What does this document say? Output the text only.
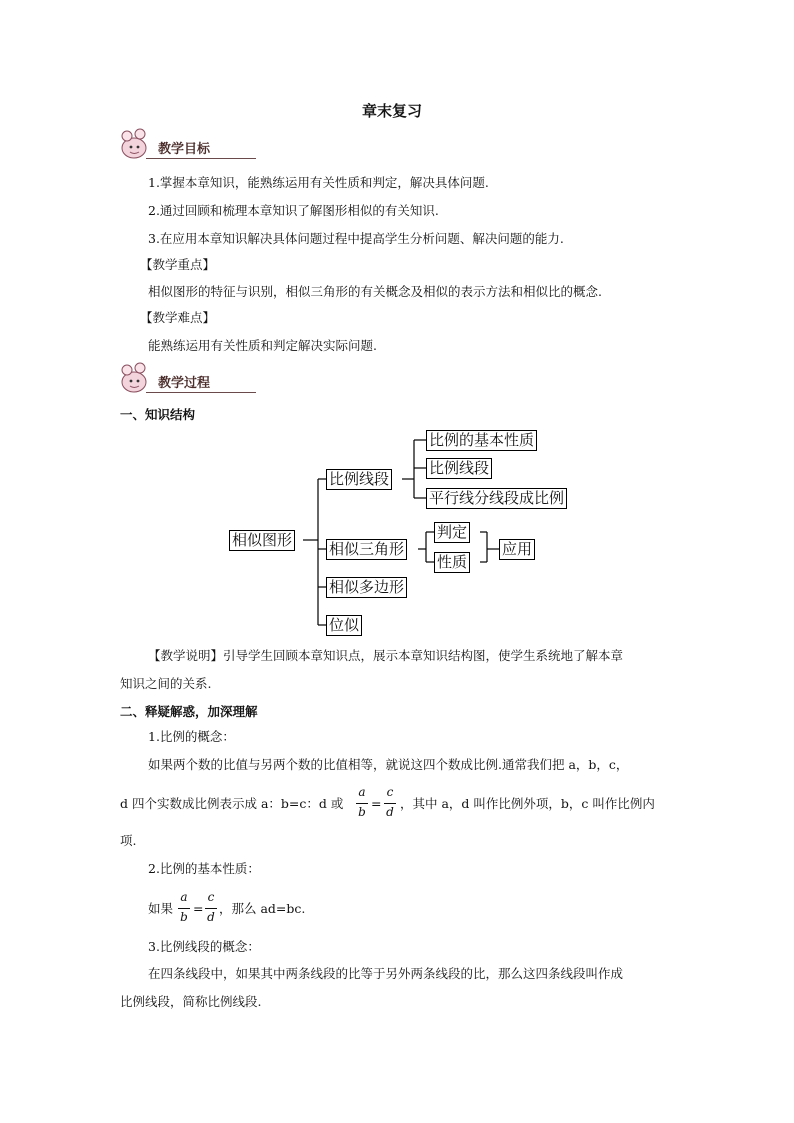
章末复习
教学目标
1.掌握本章知识，能熟练运用有关性质和判定，解决具体问题.
2.通过回顾和梳理本章知识了解图形相似的有关知识.
3.在应用本章知识解决具体问题过程中提高学生分析问题、解决问题的能力.
【教学重点】
相似图形的特征与识别，相似三角形的有关概念及相似的表示方法和相似比的概念.
【教学难点】
能熟练运用有关性质和判定解决实际问题.
教学过程
一、知识结构
相似图形
比例线段
比例的基本性质
比例线段
平行线分线段成比例
相似三角形
判定
性质
应用
相似多边形
位似
【教学说明】引导学生回顾本章知识点，展示本章知识结构图，使学生系统地了解本章
知识之间的关系.
二、释疑解惑，加深理解
1.比例的概念：
如果两个数的比值与另两个数的比值相等，就说这四个数成比例.通常我们把 a，b，c，
d 四个实数成比例表示成 a：b=c：d 或
a
b
=
c
d
，其中 a，d 叫作比例外项，b，c 叫作比例内
项.
2.比例的基本性质：
如果
a
b
=
c
d
，那么 ad=bc.
3.比例线段的概念：
在四条线段中，如果其中两条线段的比等于另外两条线段的比，那么这四条线段叫作成
比例线段，简称比例线段.
